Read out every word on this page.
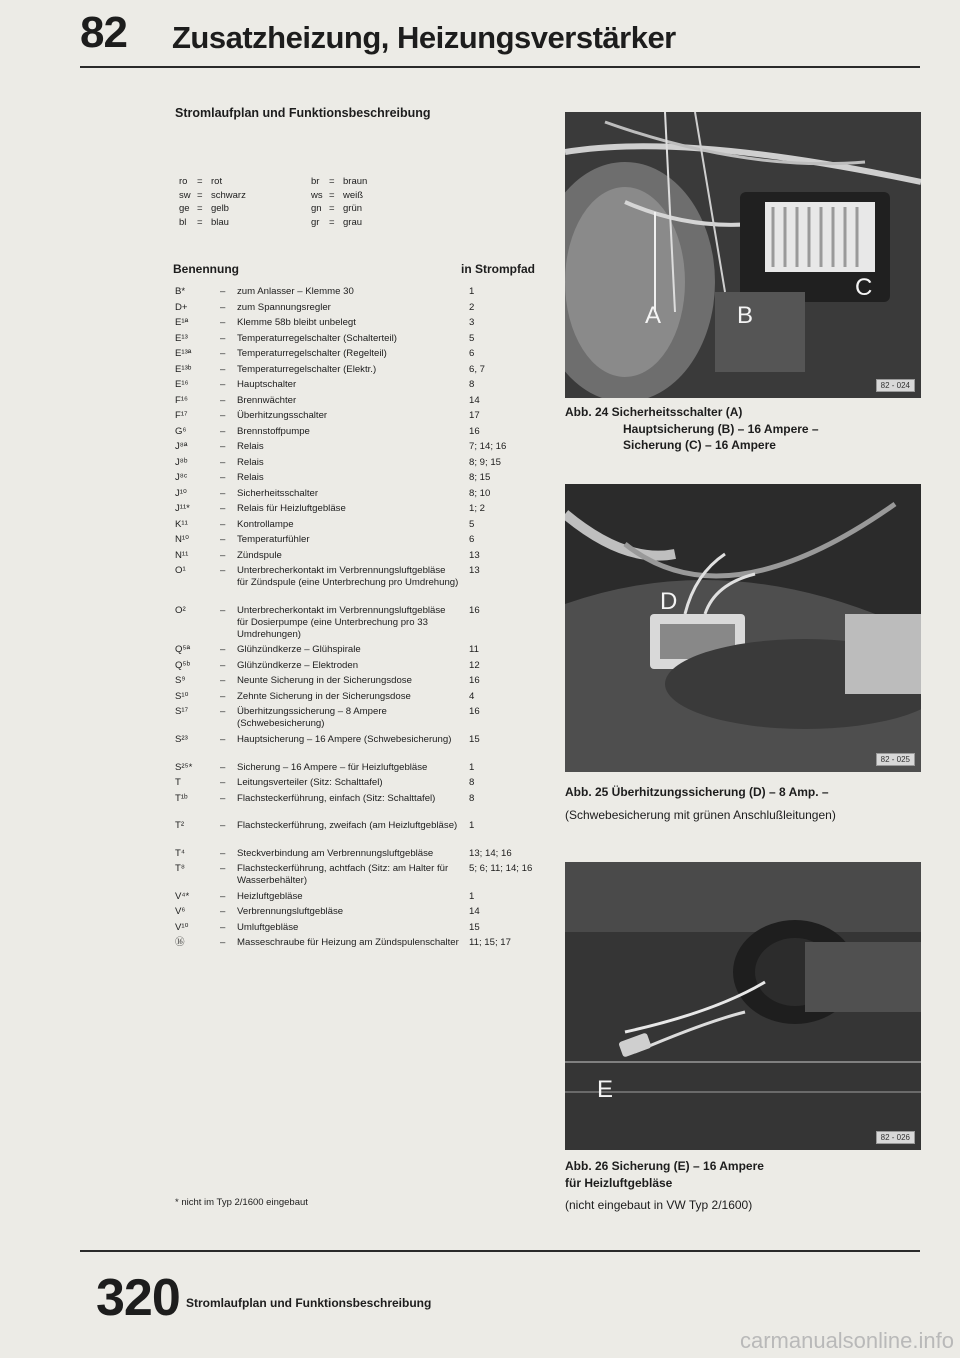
82 Zusatzheizung, Heizungsverstärker
Stromlaufplan und Funktionsbeschreibung
ro = rot
sw = schwarz
ge = gelb
bl = blau
br = braun
ws = weiß
gn = grün
gr = grau
Benennung	in Strompfad
B*	–	zum Anlasser – Klemme 30	1
D+	–	zum Spannungsregler	2
E¹ª	–	Klemme 58b bleibt unbelegt	3
E¹³	–	Temperaturregelschalter (Schalterteil)	5
E¹³ª	–	Temperaturregelschalter (Regelteil)	6
E¹³ᵇ	–	Temperaturregelschalter (Elektr.)	6, 7
E¹⁶	–	Hauptschalter	8
F¹⁶	–	Brennwächter	14
F¹⁷	–	Überhitzungsschalter	17
G⁶	–	Brennstoffpumpe	16
J⁸ª	–	Relais	7; 14; 16
J⁸ᵇ	–	Relais	8; 9; 15
J⁸ᶜ	–	Relais	8; 15
J¹⁰	–	Sicherheitsschalter	8; 10
J¹¹*	–	Relais für Heizluftgebläse	1; 2
K¹¹	–	Kontrollampe	5
N¹⁰	–	Temperaturfühler	6
N¹¹	–	Zündspule	13
O¹	–	Unterbrecherkontakt im Verbrennungsluftgebläse für Zündspule (eine Unterbrechung pro Umdrehung)
13
O²	–	Unterbrecherkontakt im Verbrennungsluftgebläse für Dosierpumpe (eine Unterbrechung pro 33 Umdrehungen)
16
Q⁵ª	–	Glühzündkerze – Glühspirale	11
Q⁵ᵇ	–	Glühzündkerze – Elektroden	12
S⁹	–	Neunte Sicherung in der Sicherungsdose	16
S¹⁰	–	Zehnte Sicherung in der Sicherungsdose	4
S¹⁷	–	Überhitzungssicherung – 8 Ampere (Schwebesicherung)
16
S²³	–	Hauptsicherung – 16 Ampere (Schwebesicherung)	15
S²⁵*	–	Sicherung – 16 Ampere – für Heizluftgebläse	1
T	–	Leitungsverteiler (Sitz: Schalttafel)	8
T¹ᵇ	–	Flachsteckerführung, einfach (Sitz: Schalttafel)	8
T²	–	Flachsteckerführung, zweifach (am Heizluftgebläse) 1
T⁴	–	Steckverbindung am Verbrennungsluftgebläse	13; 14; 16
T⁸	–	Flachsteckerführung, achtfach (Sitz: am Halter für Wasserbehälter)
5; 6; 11; 14; 16
V⁴*	–	Heizluftgebläse	1
V⁶	–	Verbrennungsluftgebläse	14
V¹⁰	–	Umluftgebläse	15
⑯	–	Masseschraube für Heizung am Zündspulenschalter 11; 15; 17
* nicht im Typ 2/1600 eingebaut
A	B
C
82 - 024
Abb. 24 Sicherheitsschalter (A)
Hauptsicherung (B) – 16 Ampere –
Sicherung (C) – 16 Ampere
D
82 - 025
Abb. 25 Überhitzungssicherung (D) – 8 Amp. –
(Schwebesicherung mit grünen Anschlußleitungen)
E
82 - 026
Abb. 26 Sicherung (E) – 16 Ampere
für Heizluftgebläse
(nicht eingebaut in VW Typ 2/1600)
320 Stromlaufplan und Funktionsbeschreibung
carmanualsonline.info
